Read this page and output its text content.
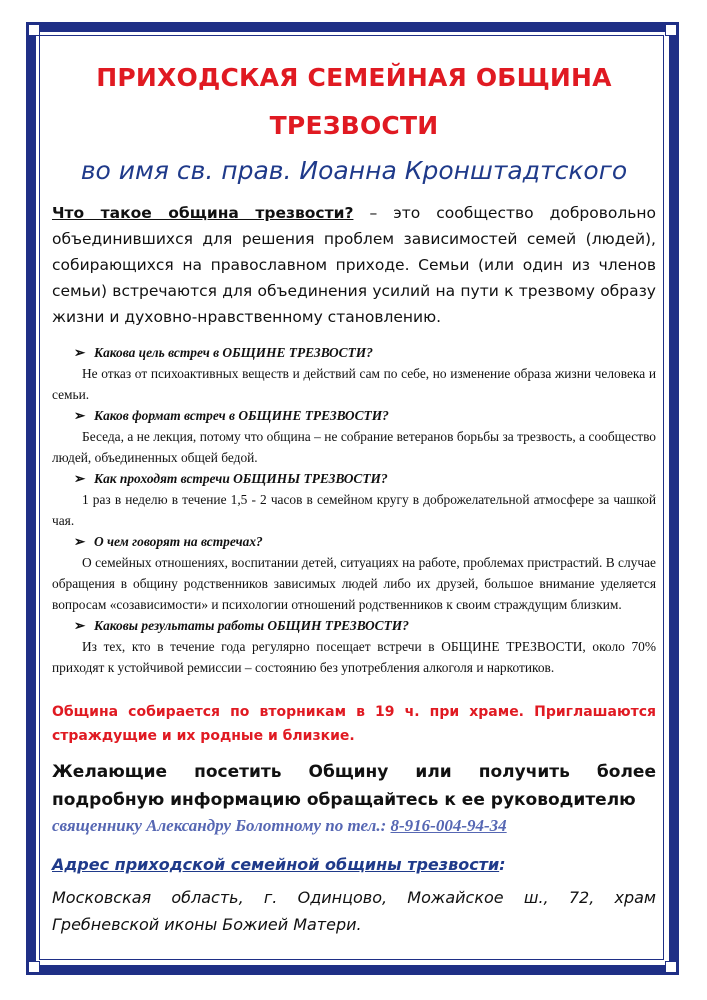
ПРИХОДСКАЯ СЕМЕЙНАЯ ОБЩИНА ТРЕЗВОСТИ
во имя св. прав. Иоанна Кронштадтского
Что такое община трезвости? – это сообщество добровольно объединившихся для решения проблем зависимостей семей (людей), собирающихся на православном приходе. Семьи (или один из членов семьи) встречаются для объединения усилий на пути к трезвому образу жизни и духовно-нравственному становлению.
➢ Какова цель встреч в ОБЩИНЕ ТРЕЗВОСТИ?
Не отказ от психоактивных веществ и действий сам по себе, но изменение образа жизни человека и семьи.
➢ Каков формат встреч в ОБЩИНЕ ТРЕЗВОСТИ?
Беседа, а не лекция, потому что община – не собрание ветеранов борьбы за трезвость, а сообщество людей, объединенных общей бедой.
➢ Как проходят встречи ОБЩИНЫ ТРЕЗВОСТИ?
1 раз в неделю в течение 1,5 - 2 часов в семейном кругу в доброжелательной атмосфере за чашкой чая.
➢ О чем говорят на встречах?
О семейных отношениях, воспитании детей, ситуациях на работе, проблемах пристрастий. В случае обращения в общину родственников зависимых людей либо их друзей, большое внимание уделяется вопросам «созависимости» и психологии отношений родственников к своим страждущим близким.
➢ Каковы результаты работы ОБЩИН ТРЕЗВОСТИ?
Из тех, кто в течение года регулярно посещает встречи в ОБЩИНЕ ТРЕЗВОСТИ, около 70% приходят к устойчивой ремиссии – состоянию без употребления алкоголя и наркотиков.
Община собирается по вторникам в 19 ч. при храме. Приглашаются страждущие и их родные и близкие.
Желающие посетить Общину или получить более
подробную информацию обращайтесь к ее руководителю
священнику Александру Болотному по тел.: 8-916-004-94-34
Адрес приходской семейной общины трезвости:
Московская область, г. Одинцово, Можайское ш., 72, храм Гребневской иконы Божией Матери.
